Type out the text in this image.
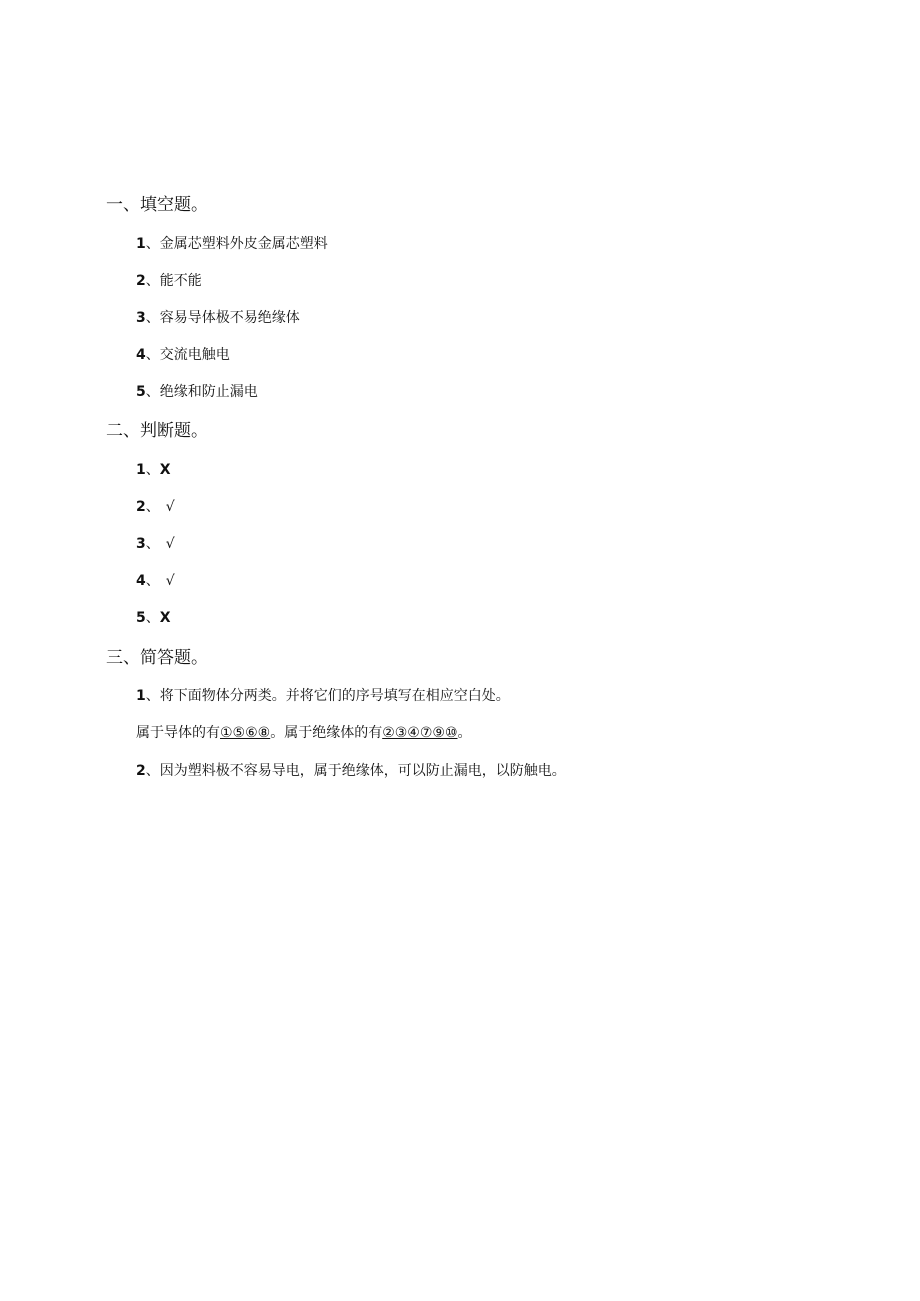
一、填空题。
1、金属芯塑料外皮金属芯塑料
2、能不能
3、容易导体极不易绝缘体
4、交流电触电
5、绝缘和防止漏电
二、判断题。
1、X
2、 √
3、 √
4、 √
5、X
三、简答题。
1、将下面物体分两类。并将它们的序号填写在相应空白处。
属于导体的有①⑤⑥⑧。属于绝缘体的有②③④⑦⑨⑩。
2、因为塑料极不容易导电，属于绝缘体，可以防止漏电，以防触电。
